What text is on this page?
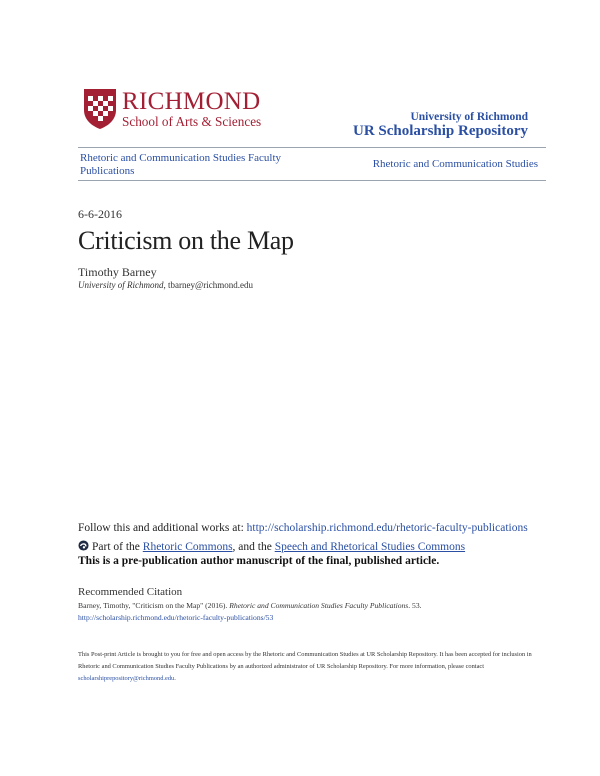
RICHMOND
School of Arts & Sciences	University of Richmond
UR Scholarship Repository
Rhetoric and Communication Studies Faculty Publications
Rhetoric and Communication Studies
6-6-2016
Criticism on the Map
Timothy Barney
University of Richmond, tbarney@richmond.edu
Follow this and additional works at: http://scholarship.richmond.edu/rhetoric-faculty-publications
Part of the Rhetoric Commons, and the Speech and Rhetorical Studies Commons
This is a pre-publication author manuscript of the final, published article.
Recommended Citation
Barney, Timothy, "Criticism on the Map" (2016). Rhetoric and Communication Studies Faculty Publications. 53.
http://scholarship.richmond.edu/rhetoric-faculty-publications/53
This Post-print Article is brought to you for free and open access by the Rhetoric and Communication Studies at UR Scholarship Repository. It has been accepted for inclusion in Rhetoric and Communication Studies Faculty Publications by an authorized administrator of UR Scholarship Repository. For more information, please contact scholarshiprepository@richmond.edu.
